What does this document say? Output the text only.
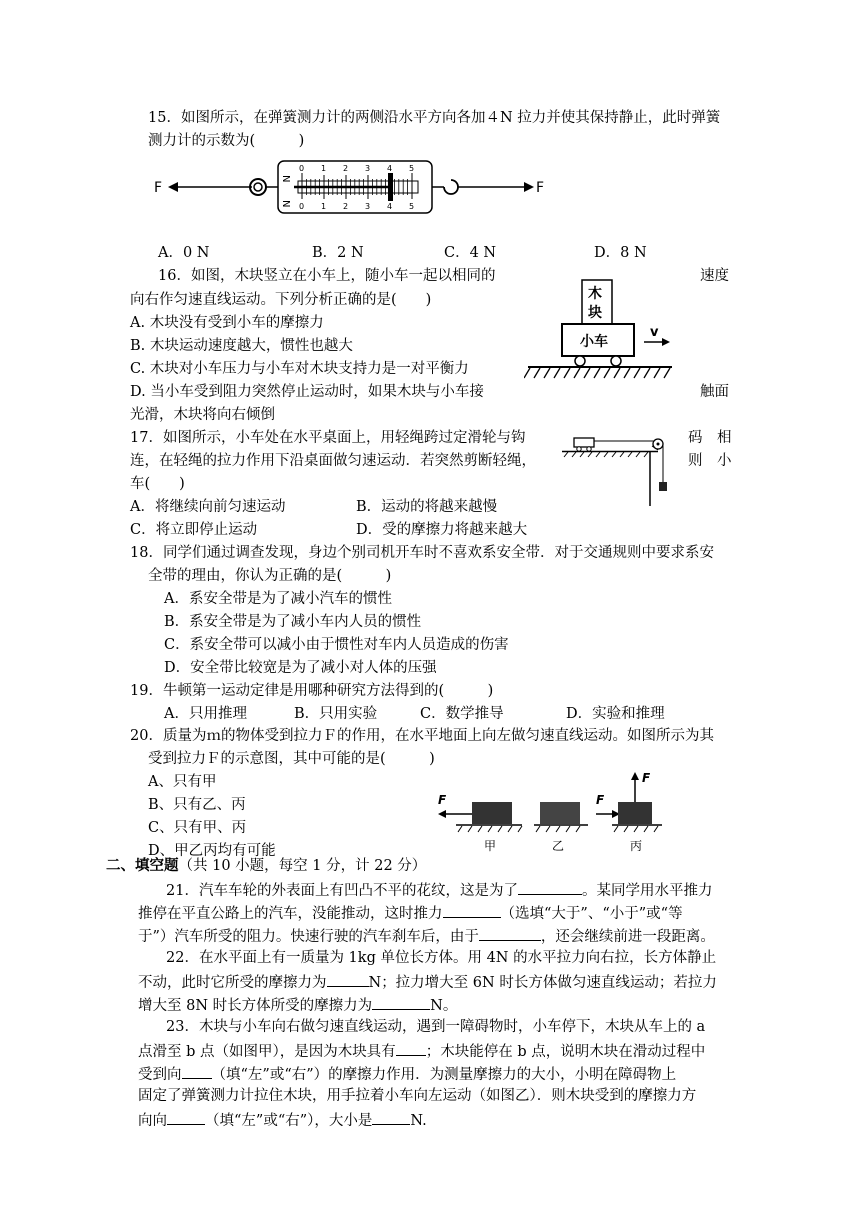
15．如图所示，在弹簧测力计的两侧沿水平方向各加４N 拉力并使其保持静止，此时弹簧
测力计的示数为(　　　)
F
N
N
0 1 2 3 4 5
0 1 2 3 4 5
F
A．0 N	B．2 N	C．4 N	D．8 N
16．如图，木块竖立在小车上，随小车一起以相同的	速度
向右作匀速直线运动。下列分析正确的是(　　)
A. 木块没有受到小车的摩擦力
B. 木块运动速度越大，惯性也越大
C. 木块对小车压力与小车对木块支持力是一对平衡力
D. 当小车受到阻力突然停止运动时，如果木块与小车接	触面
光滑，木块将向右倾倒
木
块
小车
v
17．如图所示，小车处在水平桌面上，用轻绳跨过定滑轮与钩	码　相
连，在轻绳的拉力作用下沿桌面做匀速运动．若突然剪断轻绳，	则　小
车(　　)
A．将继续向前匀速运动	B．运动的将越来越慢
C．将立即停止运动	D．受的摩擦力将越来越大
18．同学们通过调查发现，身边个别司机开车时不喜欢系安全带．对于交通规则中要求系安
全带的理由，你认为正确的是(　　　)
A．系安全带是为了减小汽车的惯性
B．系安全带是为了减小车内人员的惯性
C．系安全带可以减小由于惯性对车内人员造成的伤害
D．安全带比较宽是为了减小对人体的压强
19．牛顿第一运动定律是用哪种研究方法得到的(　　　)
A．只用推理	B．只用实验	C．数学推导	D．实验和推理
20．质量为ｍ的物体受到拉力Ｆ的作用，在水平地面上向左做匀速直线运动。如图所示为其
受到拉力Ｆ的示意图，其中可能的是(　　　)
A、只有甲
B、只有乙、丙
C、只有甲、丙
D、甲乙丙均有可能
F
甲	乙
F
F
丙
二、填空题（共 10 小题，每空 1 分，计 22 分）
21．汽车车轮的外表面上有凹凸不平的花纹，这是为了	。某同学用水平推力
推停在平直公路上的汽车，没能推动，这时推力	（选填“大于”、“小于”或“等
于”）汽车所受的阻力。快速行驶的汽车刹车后，由于	，还会继续前进一段距离。
22．在水平面上有一质量为 1kg 单位长方体。用 4N 的水平拉力向右拉，长方体静止
不动，此时它所受的摩擦力为	N；拉力增大至 6N 时长方体做匀速直线运动；若拉力
增大至 8N 时长方体所受的摩擦力为	N。
23．木块与小车向右做匀速直线运动，遇到一障碍物时，小车停下，木块从车上的 a
点滑至 b 点（如图甲），是因为木块具有 ；木块能停在 b 点，说明木块在滑动过程中
受到向 （填“左”或“右”）的摩擦力作用．为测量摩擦力的大小，小明在障碍物上
固定了弹簧测力计拉住木块，用手拉着小车向左运动（如图乙）．则木块受到的摩擦力方
向向	（填“左”或“右”），大小是	N.
